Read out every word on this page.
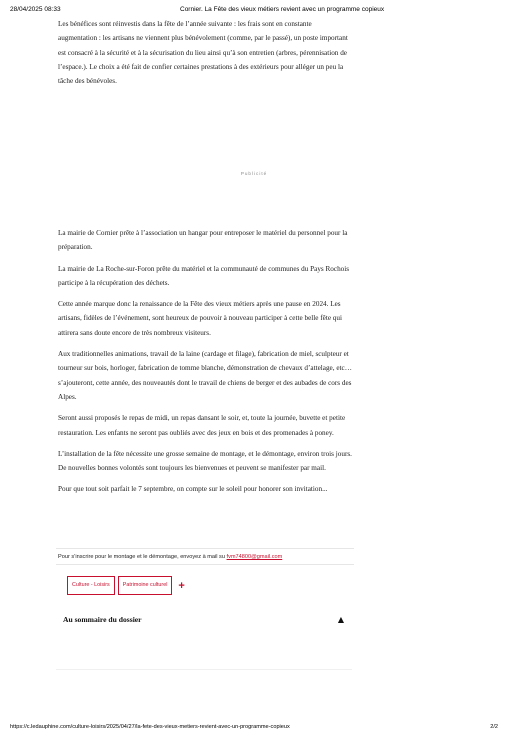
28/04/2025 08:33	Cornier. La Fête des vieux métiers revient avec un programme copieux

Les bénéfices sont réinvestis dans la fête de l’année suivante : les frais sont en constante augmentation : les artisans ne viennent plus bénévolement (comme, par le passé), un poste important est consacré à la sécurité et à la sécurisation du lieu ainsi qu’à son entretien (arbres, pérennisation de l’espace.). Le choix a été fait de confier certaines prestations à des extérieurs pour alléger un peu la tâche des bénévoles.

Publicité

La mairie de Cornier prête à l’association un hangar pour entreposer le matériel du personnel pour la préparation.

La mairie de La Roche-sur-Foron prête du matériel et la communauté de communes du Pays Rochois participe à la récupération des déchets.

Cette année marque donc la renaissance de la Fête des vieux métiers après une pause en 2024. Les artisans, fidèles de l’événement, sont heureux de pouvoir à nouveau participer à cette belle fête qui attirera sans doute encore de très nombreux visiteurs.

Aux traditionnelles animations, travail de la laine (cardage et filage), fabrication de miel, sculpteur et tourneur sur bois, horloger, fabrication de tomme blanche, démonstration de chevaux d’attelage, etc… s’ajouteront, cette année, des nouveautés dont le travail de chiens de berger et des aubades de cors des Alpes.

Seront aussi proposés le repas de midi, un repas dansant le soir, et, toute la journée, buvette et petite restauration. Les enfants ne seront pas oubliés avec des jeux en bois et des promenades à poney.

L’installation de la fête nécessite une grosse semaine de montage, et le démontage, environ trois jours. De nouvelles bonnes volontés sont toujours les bienvenues et peuvent se manifester par mail.

Pour que tout soit parfait le 7 septembre, on compte sur le soleil pour honorer son invitation...

Pour s’inscrire pour le montage et le démontage, envoyez à mail su fvm74800@gmail.com
Culture - Loisirs	Patrimoine culturel	+
Au sommaire du dossier	▲
https://c.ledauphine.com/culture-loisirs/2025/04/27/la-fete-des-vieux-metiers-revient-avec-un-programme-copieux	2/2
